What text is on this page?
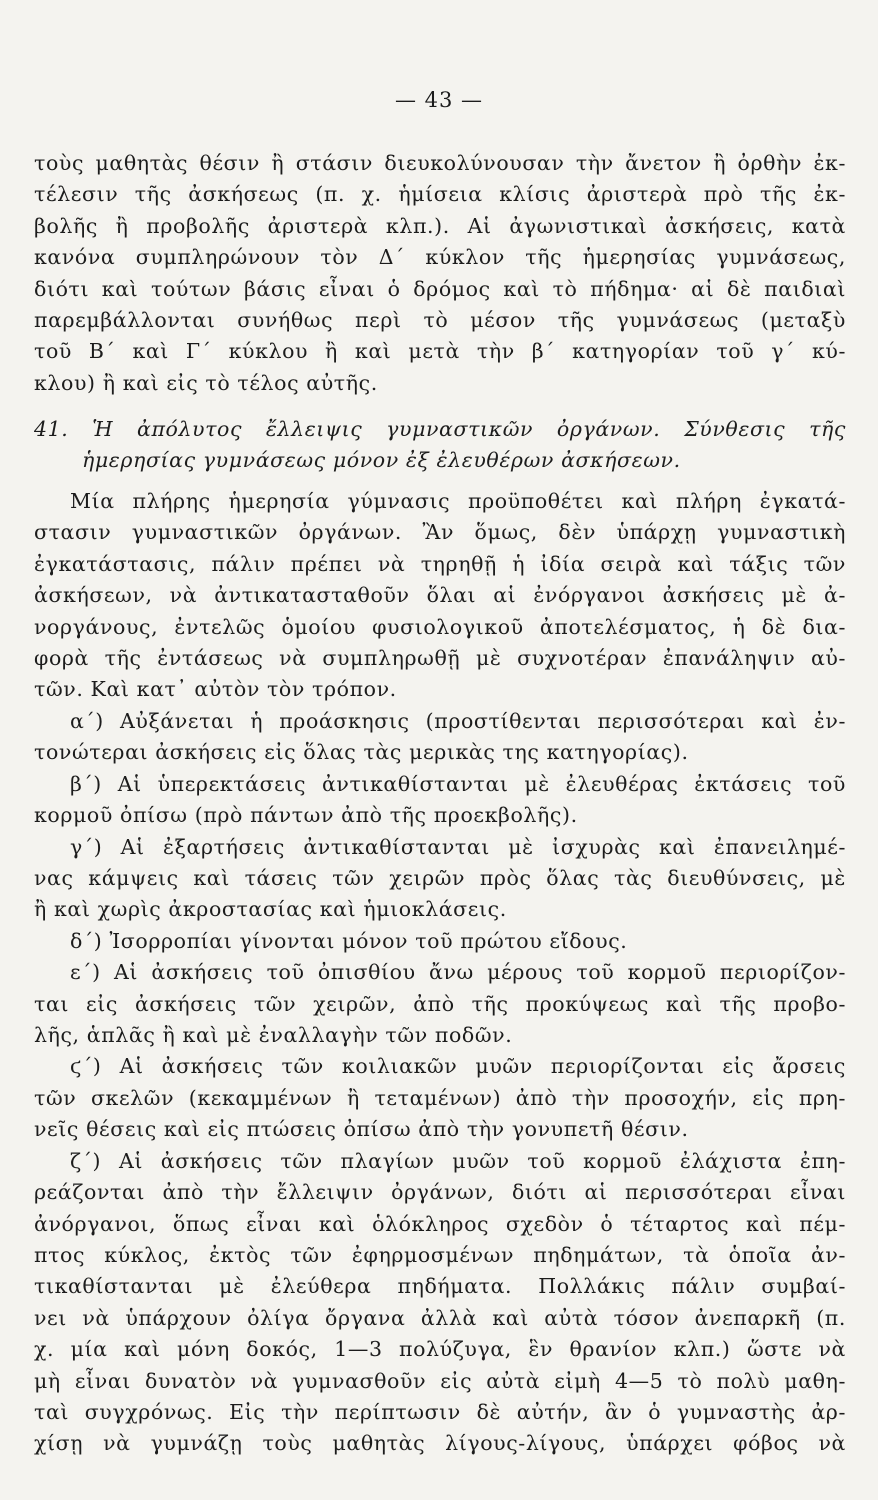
— 43 —
τοὺς μαθητὰς θέσιν ἢ στάσιν διευκολύνουσαν τὴν ἄνετον ἢ ὀρθὴν ἐκ-
τέλεσιν τῆς ἀσκήσεως (π. χ. ἡμίσεια κλίσις ἀριστερὰ πρὸ τῆς ἐκ-
βολῆς ἢ προβολῆς ἀριστερὰ κλπ.). Αἱ ἀγωνιστικαὶ ἀσκήσεις, κατὰ
κανόνα συμπληρώνουν τὸν Δ´ κύκλον τῆς ἡμερησίας γυμνάσεως,
διότι καὶ τούτων βάσις εἶναι ὁ δρόμος καὶ τὸ πήδημα· αἱ δὲ παιδιαὶ
παρεμβάλλονται συνήθως περὶ τὸ μέσον τῆς γυμνάσεως (μεταξὺ
τοῦ Β´ καὶ Γ´ κύκλου ἢ καὶ μετὰ τὴν β´ κατηγορίαν τοῦ γ´ κύ-
κλου) ἢ καὶ εἰς τὸ τέλος αὐτῆς.
41. Ἡ ἀπόλυτος ἔλλειψις γυμναστικῶν ὀργάνων. Σύνθεσις τῆς
ἡμερησίας γυμνάσεως μόνον ἐξ ἐλευθέρων ἀσκήσεων.
Μία πλήρης ἡμερησία γύμνασις προϋποθέτει καὶ πλήρη ἐγκατά-
στασιν γυμναστικῶν ὀργάνων. Ἂν ὅμως, δὲν ὑπάρχῃ γυμναστικὴ
ἐγκατάστασις, πάλιν πρέπει νὰ τηρηθῇ ἡ ἰδία σειρὰ καὶ τάξις τῶν
ἀσκήσεων, νὰ ἀντικατασταθοῦν ὅλαι αἱ ἐνόργανοι ἀσκήσεις μὲ ἀ-
νοργάνους, ἐντελῶς ὁμοίου φυσιολογικοῦ ἀποτελέσματος, ἡ δὲ δια-
φορὰ τῆς ἐντάσεως νὰ συμπληρωθῇ μὲ συχνοτέραν ἐπανάληψιν αὐ-
τῶν. Καὶ κατ᾽ αὐτὸν τὸν τρόπον.
α´) Αὐξάνεται ἡ προάσκησις (προστίθενται περισσότεραι καὶ ἐν-
τονώτεραι ἀσκήσεις εἰς ὅλας τὰς μερικὰς της κατηγορίας).
β´) Αἱ ὑπερεκτάσεις ἀντικαθίστανται μὲ ἐλευθέρας ἐκτάσεις τοῦ
κορμοῦ ὀπίσω (πρὸ πάντων ἀπὸ τῆς προεκβολῆς).
γ´) Αἱ ἐξαρτήσεις ἀντικαθίστανται μὲ ἰσχυρὰς καὶ ἐπανειλημέ-
νας κάμψεις καὶ τάσεις τῶν χειρῶν πρὸς ὅλας τὰς διευθύνσεις, μὲ
ἢ καὶ χωρὶς ἀκροστασίας καὶ ἡμιοκλάσεις.
δ´) Ἰσορροπίαι γίνονται μόνον τοῦ πρώτου εἴδους.
ε´) Αἱ ἀσκήσεις τοῦ ὀπισθίου ἄνω μέρους τοῦ κορμοῦ περιορίζον-
ται εἰς ἀσκήσεις τῶν χειρῶν, ἀπὸ τῆς προκύψεως καὶ τῆς προβο-
λῆς, ἁπλᾶς ἢ καὶ μὲ ἐναλλαγὴν τῶν ποδῶν.
ϛ´) Αἱ ἀσκήσεις τῶν κοιλιακῶν μυῶν περιορίζονται εἰς ἄρσεις
τῶν σκελῶν (κεκαμμένων ἢ τεταμένων) ἀπὸ τὴν προσοχήν, εἰς πρη-
νεῖς θέσεις καὶ εἰς πτώσεις ὀπίσω ἀπὸ τὴν γονυπετῆ θέσιν.
ζ´) Αἱ ἀσκήσεις τῶν πλαγίων μυῶν τοῦ κορμοῦ ἐλάχιστα ἐπη-
ρεάζονται ἀπὸ τὴν ἔλλειψιν ὀργάνων, διότι αἱ περισσότεραι εἶναι
ἀνόργανοι, ὅπως εἶναι καὶ ὁλόκληρος σχεδὸν ὁ τέταρτος καὶ πέμ-
πτος κύκλος, ἐκτὸς τῶν ἐφηρμοσμένων πηδημάτων, τὰ ὁποῖα ἀν-
τικαθίστανται μὲ ἐλεύθερα πηδήματα. Πολλάκις πάλιν συμβαί-
νει νὰ ὑπάρχουν ὀλίγα ὄργανα ἀλλὰ καὶ αὐτὰ τόσον ἀνεπαρκῆ (π.
χ. μία καὶ μόνη δοκός, 1—3 πολύζυγα, ἓν θρανίον κλπ.) ὥστε νὰ
μὴ εἶναι δυνατὸν νὰ γυμνασθοῦν εἰς αὐτὰ εἰμὴ 4—5 τὸ πολὺ μαθη-
ταὶ συγχρόνως. Εἰς τὴν περίπτωσιν δὲ αὐτήν, ἂν ὁ γυμναστὴς ἀρ-
χίσῃ νὰ γυμνάζῃ τοὺς μαθητὰς λίγους-λίγους, ὑπάρχει φόβος νὰ
